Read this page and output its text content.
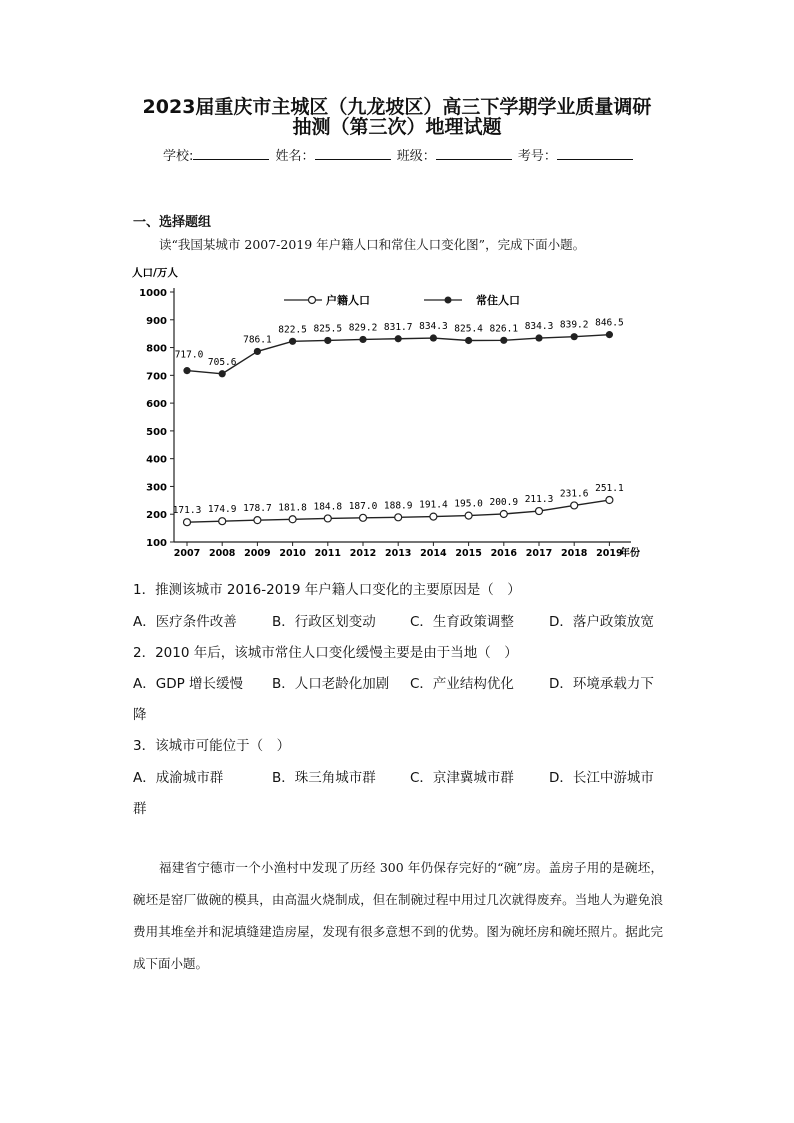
2023届重庆市主城区（九龙坡区）高三下学期学业质量调研
抽测（第三次）地理试题
学校:	姓名：	班级：	考号：
一、选择题组
读“我国某城市 2007-2019 年户籍人口和常住人口变化图”，完成下面小题。
人口/万人
1000
900
800
700
600
500
400
300
200
100
2007 2008 2009 2010 2011 2012 2013 2014 2015 2016 2017 2018 2019
户籍人口	常住人口
171.3 174.9 178.7 181.8 184.8 187.0 188.9 191.4 195.0 200.9 211.3
231.6 251.1
717.0
705.6
786.1
822.5 825.5 829.2 831.7 834.3 825.4 826.1 834.3 839.2 846.5
年份
1．推测该城市 2016-2019 年户籍人口变化的主要原因是（　）
A．医疗条件改善	B．行政区划变动	C．生育政策调整	D．落户政策放宽
2．2010 年后，该城市常住人口变化缓慢主要是由于当地（　）
A．GDP 增长缓慢 B．人口老龄化加剧 C．产业结构优化	D．环境承载力下
降
3．该城市可能位于（　）
A．成渝城市群	B．珠三角城市群	C．京津冀城市群	D．长江中游城市
群
福建省宁德市一个小渔村中发现了历经 300 年仍保存完好的“碗”房。盖房子用的是碗坯，碗坯是窑厂做碗的模具，由高温火烧制成，但在制碗过程中用过几次就得废弃。当地人为避免浪费用其堆垒并和泥填缝建造房屋，发现有很多意想不到的优势。图为碗坯房和碗坯照片。据此完成下面小题。
